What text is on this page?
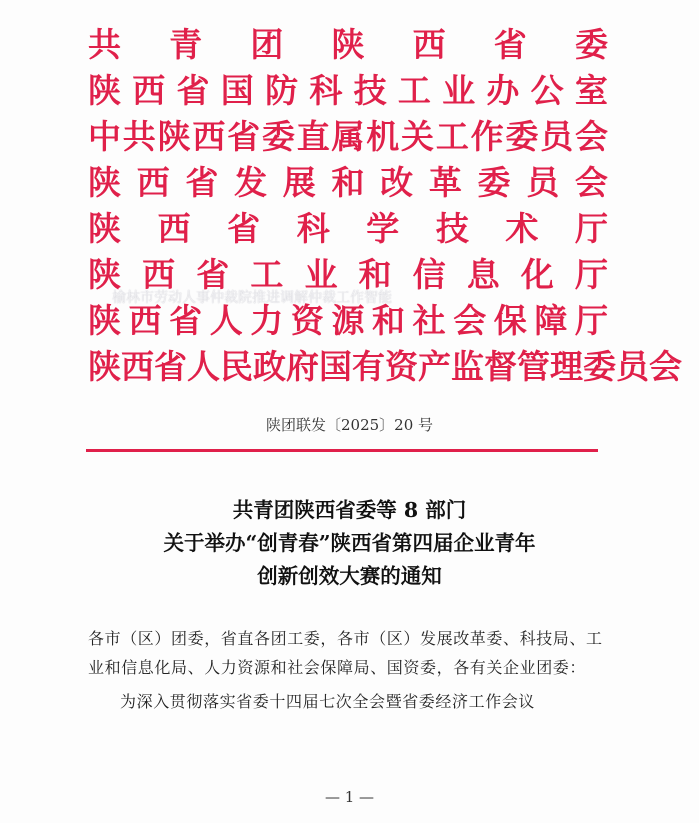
共 青 团 陕 西 省 委
陕 西 省 国 防 科 技 工 业 办 公 室
中 共 陕 西 省 委 直 属 机 关 工 作 委 员 会
陕 西 省 发 展 和 改 革 委 员 会
陕 西 省 科 学 技 术 厅
陕 西 省 工 业 和 信 息 化 厅
陕 西 省 人 力 资 源 和 社 会 保 障 厅
陕 西 省 人 民 政 府 国 有 资 产 监 督 管 理 委 员 会
榆林市劳动人事仲裁院推进调解仲裁工作智能
陕团联发〔2025〕20 号
共青团陕西省委等 8 部门
关于举办“创青春”陕西省第四届企业青年
创新创效大赛的通知

各市（区）团委，省直各团工委，各市（区）发展改革委、科技局、工业和信息化局、人力资源和社会保障局、国资委，各有关企业团委：

为深入贯彻落实省委十四届七次全会暨省委经济工作会议

— 1 —
